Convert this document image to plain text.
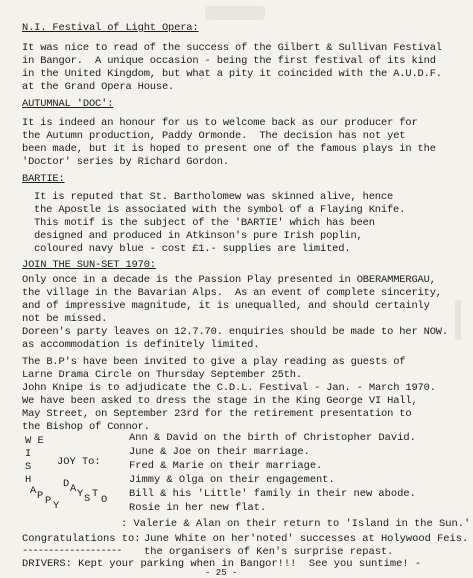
N.I. Festival of Light Opera:
It was nice to read of the success of the Gilbert & Sullivan Festival
in Bangor.  A unique occasion - being the first festival of its kind
in the United Kingdom, but what a pity it coincided with the A.U.D.F.
at the Grand Opera House.
AUTUMNAL 'DOC':
It is indeed an honour for us to welcome back as our producer for
the Autumn production, Paddy Ormonde.  The decision has not yet
been made, but it is hoped to present one of the famous plays in the
'Doctor' series by Richard Gordon.
BARTIE:
It is reputed that St. Bartholomew was skinned alive, hence
the Apostle is associated with the symbol of a Flaying Knife.
This motif is the subject of the 'BARTIE' which has been
designed and produced in Atkinson's pure Irish poplin,
coloured navy blue - cost £1.- supplies are limited.
JOIN THE SUN-SET 1970:
Only once in a decade is the Passion Play presented in OBERAMMERGAU,
the village in the Bavarian Alps.  As an event of complete sincerity,
and of impressive magnitude, it is unequalled, and should certainly
not be missed.
Doreen's party leaves on 12.7.70. enquiries should be made to her NOW.
as accommodation is definitely limited.
The B.P's have been invited to give a play reading as guests of
Larne Drama Circle on Thursday September 25th.
John Knipe is to adjudicate the C.D.L. Festival - Jan. - March 1970.
We have been asked to dress the stage in the King George VI Hall,
May Street, on September 23rd for the retirement presentation to
the Bishop of Connor.
W E
I
S
H
A P P Y
D A Y S T O
JOY To:
Ann & David on the birth of Christopher David.
June & Joe on their marriage.
Fred & Marie on their marriage.
Jimmy & Olga on their engagement.
Bill & his 'Little' family in their new abode.
Rosie in her new flat.
: Valerie & Alan on their return to 'Island in the Sun.'
Congratulations to: June White on her'noted' successes at Holywood Feis.
------------------- the organisers of Ken's surprise repast.
DRIVERS: Kept your parking when in Bangor!!!  See you suntime! -
- 25 -
